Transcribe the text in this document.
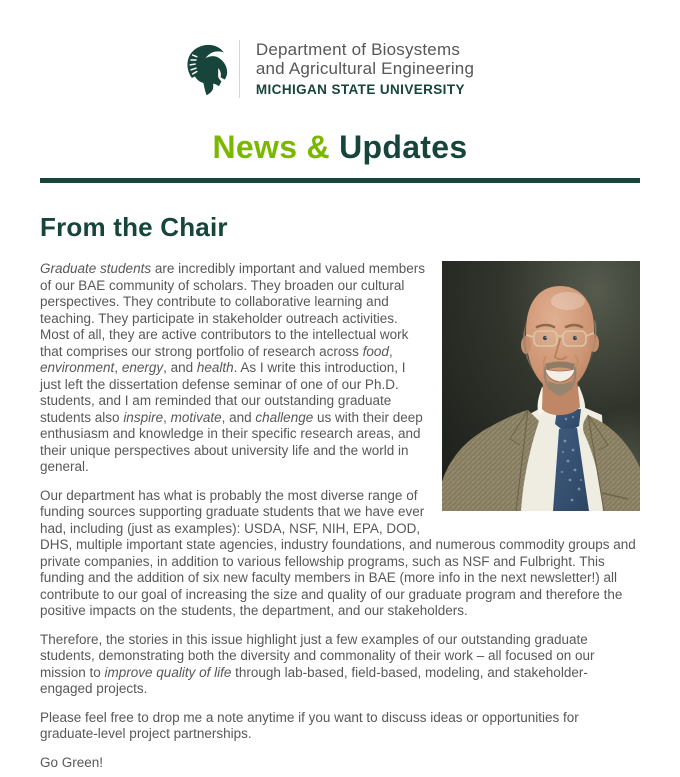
Department of Biosystems
and Agricultural Engineering
MICHIGAN STATE UNIVERSITY
News & Updates
From the Chair

Graduate students are incredibly important and valued members of our BAE community of scholars. They broaden our cultural perspectives. They contribute to collaborative learning and teaching. They participate in stakeholder outreach activities. Most of all, they are active contributors to the intellectual work that comprises our strong portfolio of research across food, environment, energy, and health. As I write this introduction, I just left the dissertation defense seminar of one of our Ph.D. students, and I am reminded that our outstanding graduate students also inspire, motivate, and challenge us with their deep enthusiasm and knowledge in their specific research areas, and their unique perspectives about university life and the world in general.

Our department has what is probably the most diverse range of funding sources supporting graduate students that we have ever had, including (just as examples): USDA, NSF, NIH, EPA, DOD, DHS, multiple important state agencies, industry foundations, and numerous commodity groups and private companies, in addition to various fellowship programs, such as NSF and Fulbright. This funding and the addition of six new faculty members in BAE (more info in the next newsletter!) all contribute to our goal of increasing the size and quality of our graduate program and therefore the positive impacts on the students, the department, and our stakeholders.

Therefore, the stories in this issue highlight just a few examples of our outstanding graduate students, demonstrating both the diversity and commonality of their work – all focused on our mission to improve quality of life through lab-based, field-based, modeling, and stakeholder-engaged projects.

Please feel free to drop me a note anytime if you want to discuss ideas or opportunities for graduate-level project partnerships.

Go Green!
